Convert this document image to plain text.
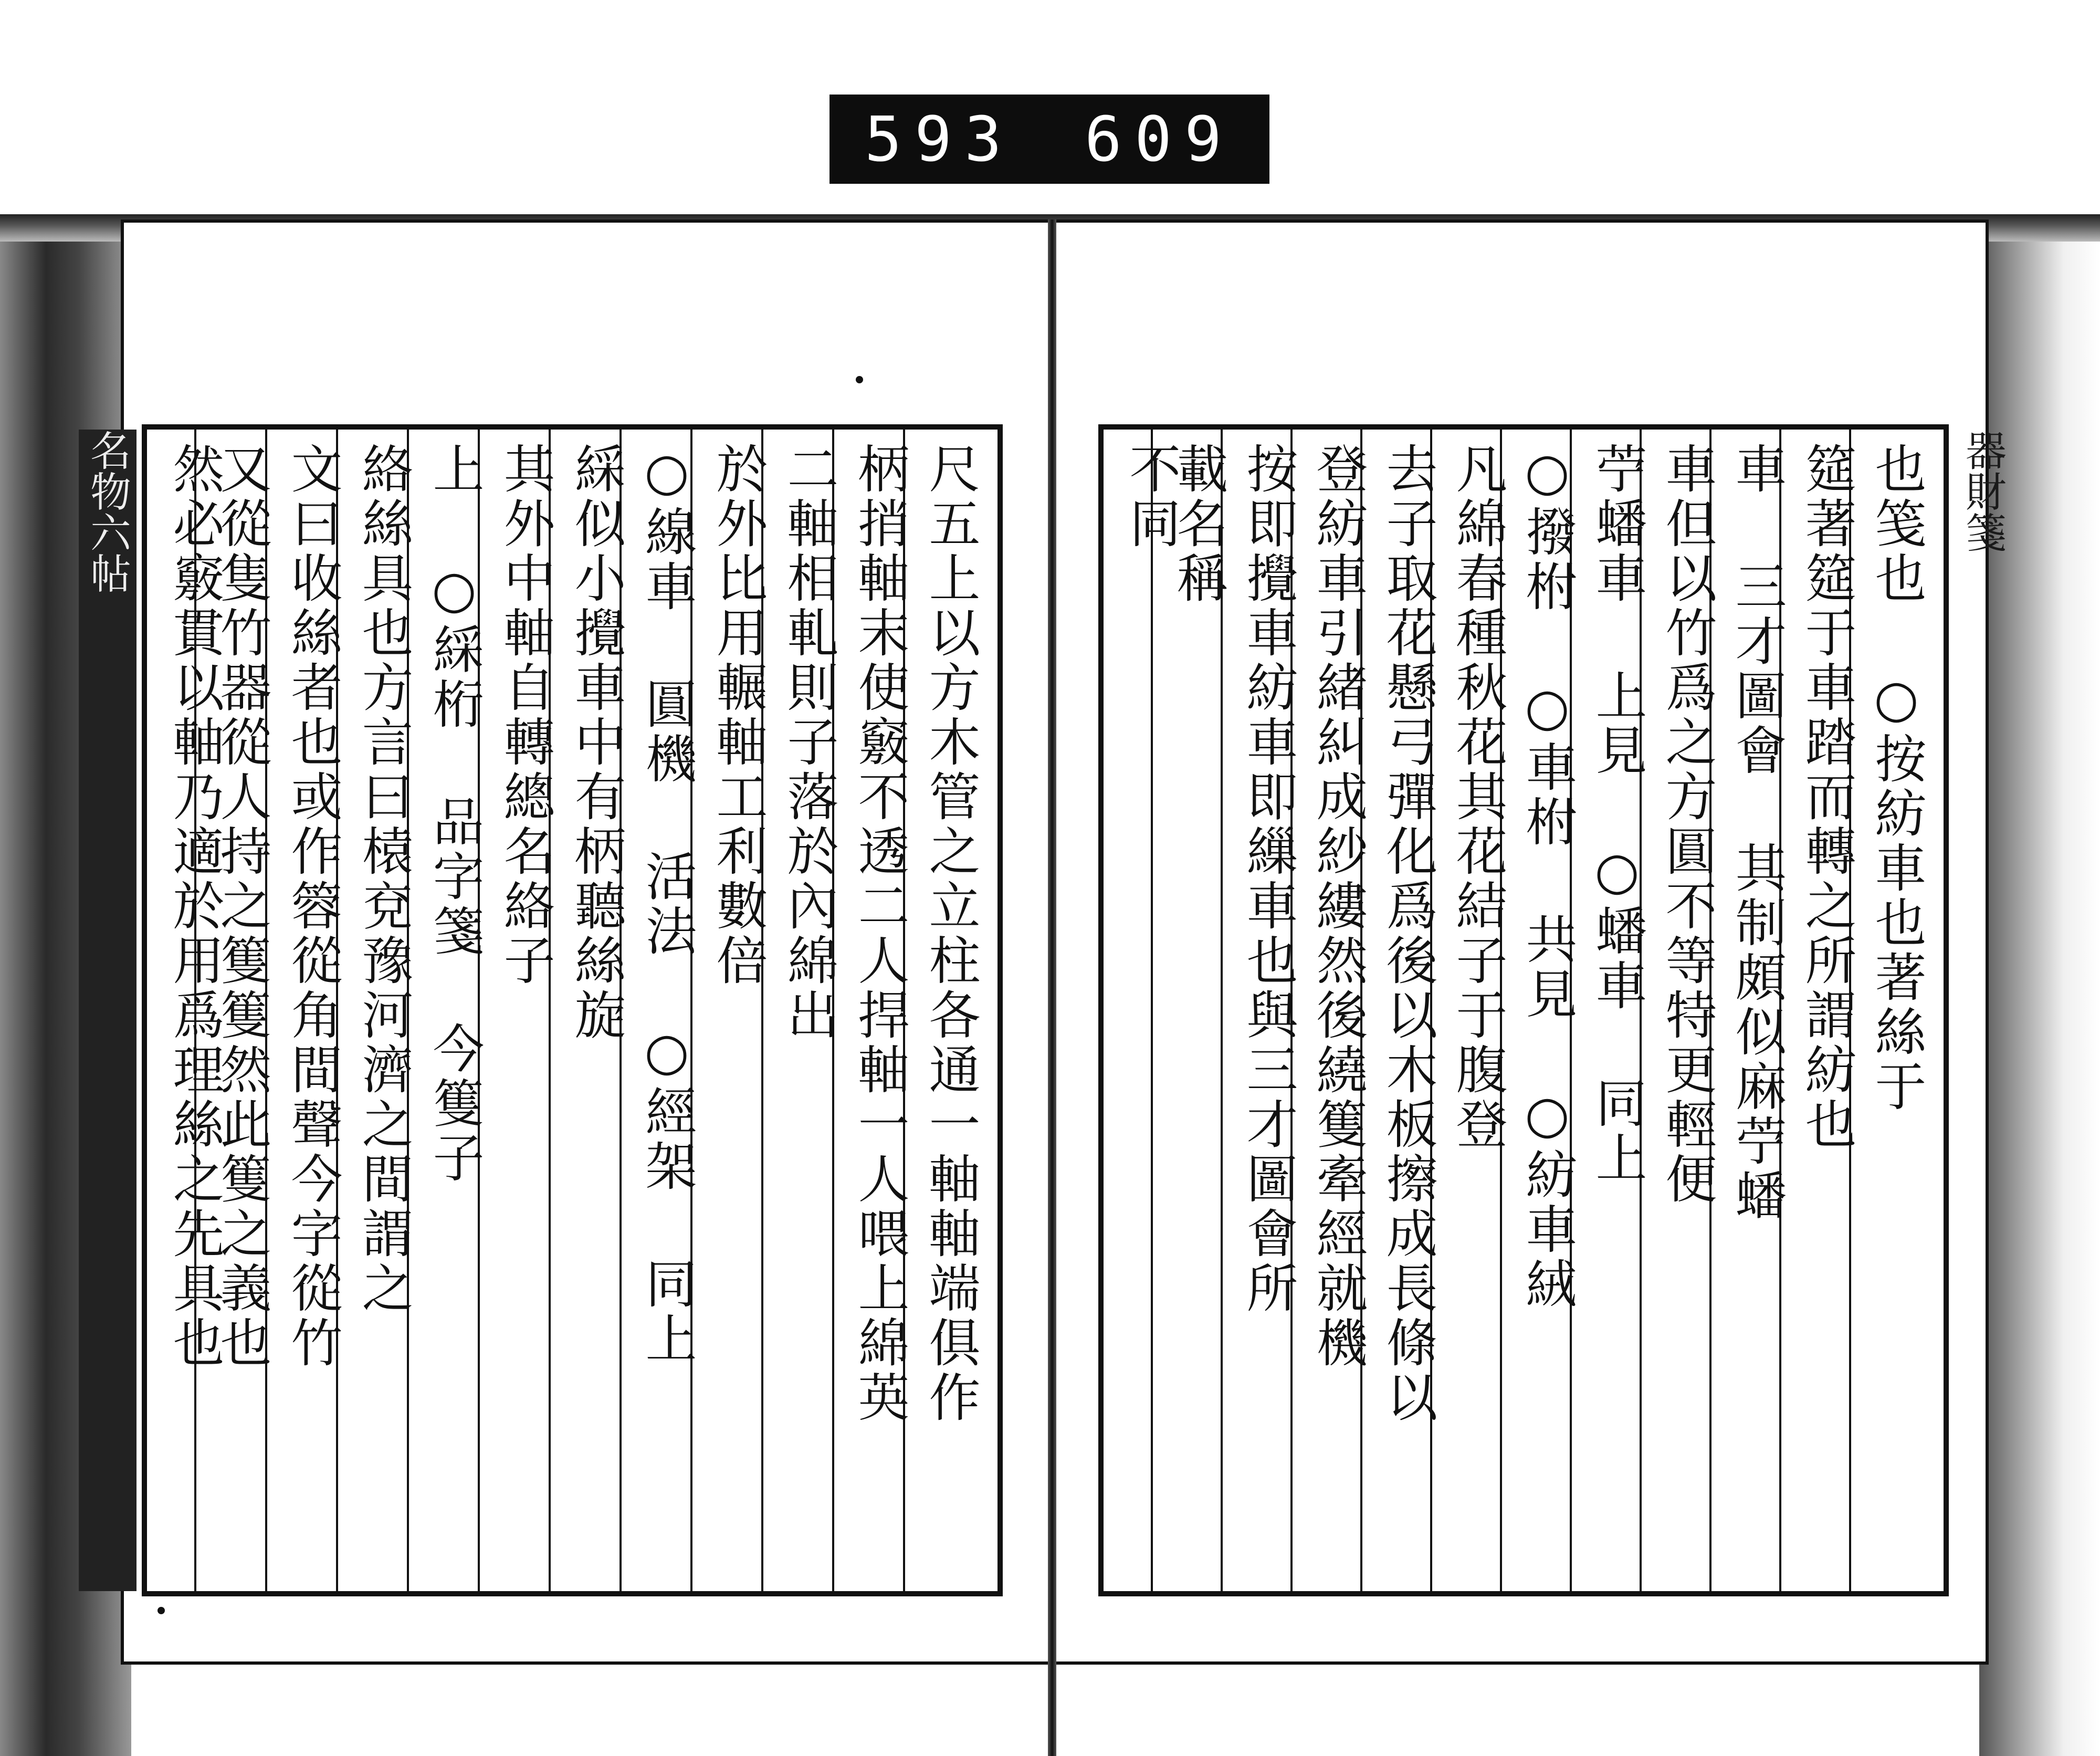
593 609
名物六帖	尺五上以方木管之立柱各通一軸軸端俱作
柄捎軸末使竅不透二人捍軸一人喂上綿英
二軸相軋則子落於內綿出
於外比用輾軸工利數倍
○線車 圓機 活法 ○經架 同上
綵似小攪車中有柄聽絲旋
其外中軸自轉總名絡子
上 ○綵桁 品字箋 今篗子
絡絲具也方言曰榬兗豫河濟之間謂之
文曰收絲者也或作䈶從角間聲今字從竹
又從隻竹器從人持之篗篗然此篗之義也
然必竅貫以軸乃適於用爲理絲之先具也	器財箋
也笺也 ○按紡車也著絲于
筵著筵于車踏而轉之所謂紡也
車 三才圖會 其制頗似麻苧蟠
車但以竹爲之方圓不等特更輕便
苧蟠車 上見 ○蟠車 同上
○撥柎 ○車柎 共見 ○紡車絨
凡綿春種秋花其花結子于腹登
去子取花懸弓彈化爲後以木板擦成長條以
登紡車引緒糾成紗縷然後繞篗牽經就機
按即攪車紡車即繅車也與三才圖會所
載名稱
不同
